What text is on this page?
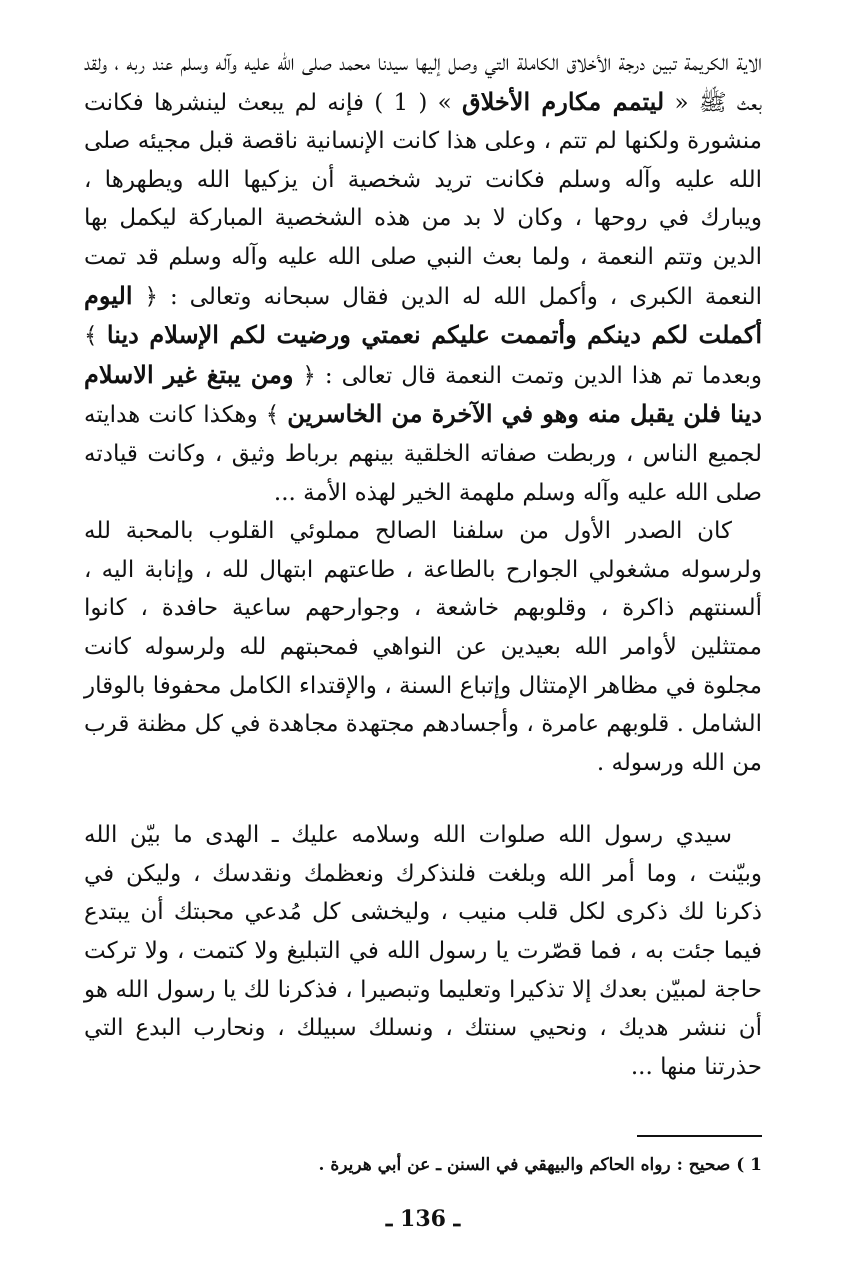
الاية الكريمة تبين درجة الأخلاق الكاملة التي وصل إليها سيدنا محمد صلى الله عليه وآله وسلم عند ربه ، ولقد بعث ﷺ « ليتمم مكارم الأخلاق » ( 1 ) فإنه لم يبعث لينشرها فكانت منشورة ولكنها لم تتم ، وعلى هذا كانت الإنسانية ناقصة قبل مجيئه صلى الله عليه وآله وسلم فكانت تريد شخصية أن يزكيها الله ويطهرها ، ويبارك في روحها ، وكان لا بد من هذه الشخصية المباركة ليكمل بها الدين وتتم النعمة ، ولما بعث النبي صلى الله عليه وآله وسلم قد تمت النعمة الكبرى ، وأكمل الله له الدين فقال سبحانه وتعالى : ﴿ اليوم أكملت لكم دينكم وأتممت عليكم نعمتي ورضيت لكم الإسلام دينا ﴾ وبعدما تم هذا الدين وتمت النعمة قال تعالى : ﴿ ومن يبتغ غير الاسلام دينا فلن يقبل منه وهو في الآخرة من الخاسرين ﴾ وهكذا كانت هدايته لجميع الناس ، وربطت صفاته الخلقية بينهم برباط وثيق ، وكانت قيادته صلى الله عليه وآله وسلم ملهمة الخير لهذه الأمة ...

كان الصدر الأول من سلفنا الصالح مملوئي القلوب بالمحبة لله ولرسوله مشغولي الجوارح بالطاعة ، طاعتهم ابتهال لله ، وإنابة اليه ، ألسنتهم ذاكرة ، وقلوبهم خاشعة ، وجوارحهم ساعية حافدة ، كانوا ممتثلين لأوامر الله بعيدين عن النواهي فمحبتهم لله ولرسوله كانت مجلوة في مظاهر الإمتثال وإتباع السنة ، والإقتداء الكامل محفوفا بالوقار الشامل . قلوبهم عامرة ، وأجسادهم مجتهدة مجاهدة في كل مظنة قرب من الله ورسوله .

سيدي رسول الله صلوات الله وسلامه عليك ـ الهدى ما بيّن الله وبيّنت ، وما أمر الله وبلغت فلنذكرك ونعظمك ونقدسك ، وليكن في ذكرنا لك ذكرى لكل قلب منيب ، وليخشى كل مُدعي محبتك أن يبتدع فيما جئت به ، فما قصّرت يا رسول الله في التبليغ ولا كتمت ، ولا تركت حاجة لمبيّن بعدك إلا تذكيرا وتعليما وتبصيرا ، فذكرنا لك يا رسول الله هو أن ننشر هديك ، ونحيي سنتك ، ونسلك سبيلك ، ونحارب البدع التي حذرتنا منها ...

1 ) صحيح : رواه الحاكم والبيهقي في السنن ـ عن أبي هريرة .
ـ 136 ـ
